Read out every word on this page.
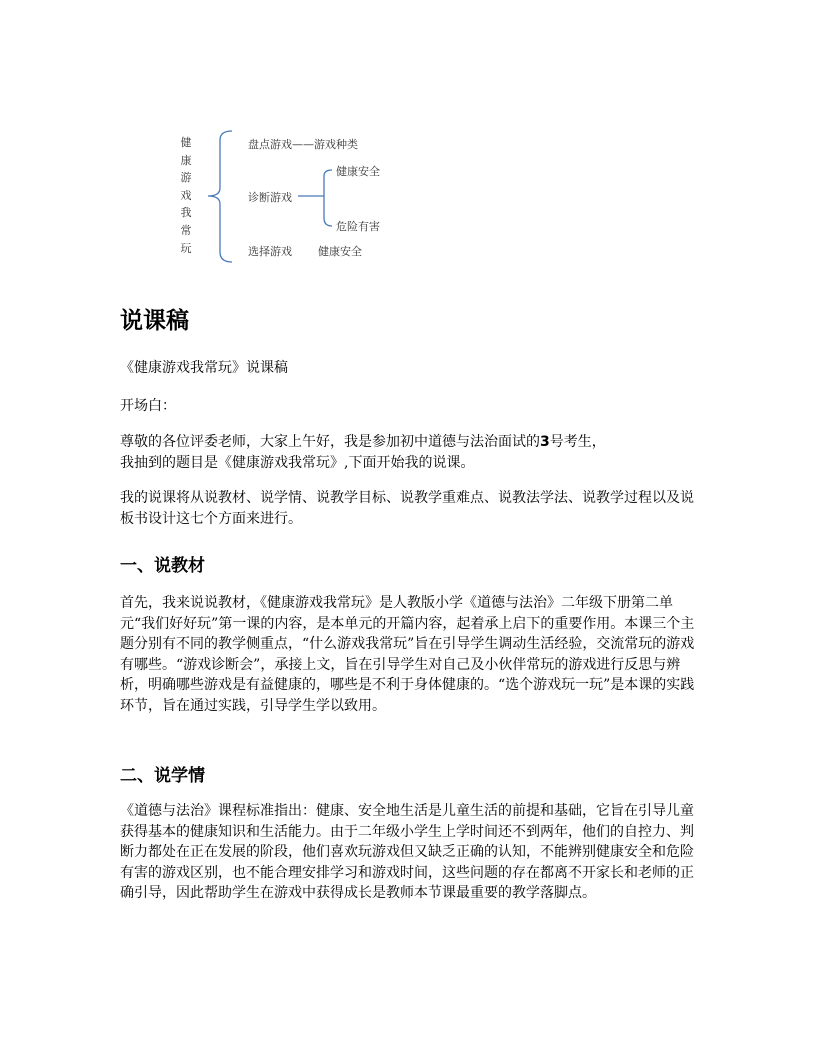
健
康
游
戏
我
常
玩
盘点游戏——游戏种类
诊断游戏
健康安全
危险有害
选择游戏 健康安全
说课稿

《健康游戏我常玩》说课稿

开场白：

尊敬的各位评委老师，大家上午好，我是参加初中道德与法治面试的3号考生，
我抽到的题目是《健康游戏我常玩》,下面开始我的说课。

我的说课将从说教材、说学情、说教学目标、说教学重难点、说教法学法、说教学过程以及说板书设计这七个方面来进行。

一、说教材

首先，我来说说教材，《健康游戏我常玩》是人教版小学《道德与法治》二年级下册第二单元“我们好好玩”第一课的内容，是本单元的开篇内容，起着承上启下的重要作用。本课三个主题分别有不同的教学侧重点，“什么游戏我常玩”旨在引导学生调动生活经验，交流常玩的游戏有哪些。“游戏诊断会”，承接上文，旨在引导学生对自己及小伙伴常玩的游戏进行反思与辨析，明确哪些游戏是有益健康的，哪些是不利于身体健康的。“选个游戏玩一玩”是本课的实践环节，旨在通过实践，引导学生学以致用。

二、说学情

《道德与法治》课程标准指出：健康、安全地生活是儿童生活的前提和基础，它旨在引导儿童获得基本的健康知识和生活能力。由于二年级小学生上学时间还不到两年，他们的自控力、判断力都处在正在发展的阶段，他们喜欢玩游戏但又缺乏正确的认知，不能辨别健康安全和危险有害的游戏区别，也不能合理安排学习和游戏时间，这些问题的存在都离不开家长和老师的正确引导，因此帮助学生在游戏中获得成长是教师本节课最重要的教学落脚点。
